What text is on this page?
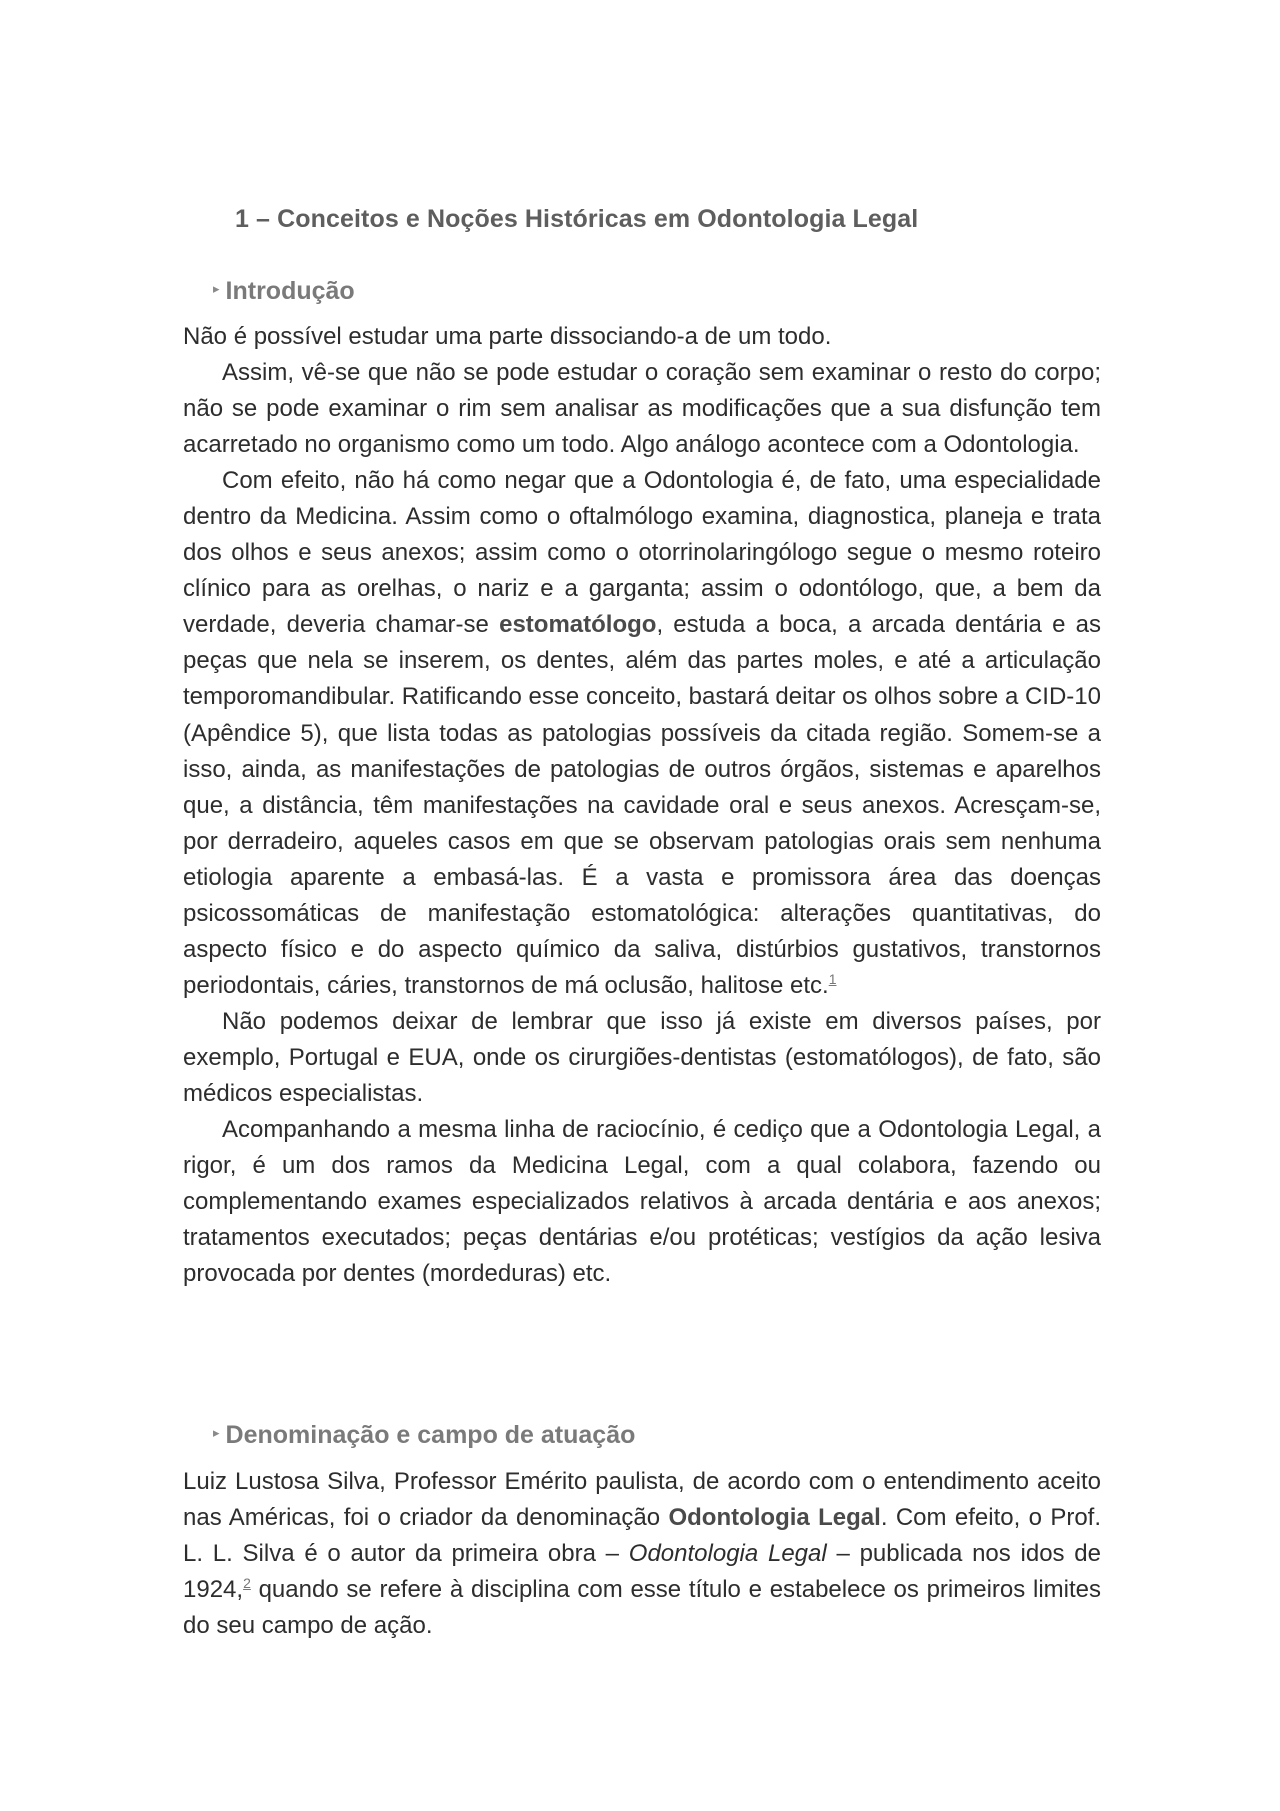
1 – Conceitos e Noções Históricas em Odontologia Legal
▸ Introdução

Não é possível estudar uma parte dissociando-a de um todo.

Assim, vê-se que não se pode estudar o coração sem examinar o resto do corpo; não se pode examinar o rim sem analisar as modificações que a sua disfunção tem acarretado no organismo como um todo. Algo análogo acontece com a Odontologia.

Com efeito, não há como negar que a Odontologia é, de fato, uma especialidade dentro da Medicina. Assim como o oftalmólogo examina, diagnostica, planeja e trata dos olhos e seus anexos; assim como o otorrinolaringólogo segue o mesmo roteiro clínico para as orelhas, o nariz e a garganta; assim o odontólogo, que, a bem da verdade, deveria chamar-se estomatólogo, estuda a boca, a arcada dentária e as peças que nela se inserem, os dentes, além das partes moles, e até a articulação temporomandibular. Ratificando esse conceito, bastará deitar os olhos sobre a CID-10 (Apêndice 5), que lista todas as patologias possíveis da citada região. Somem-se a isso, ainda, as manifestações de patologias de outros órgãos, sistemas e aparelhos que, a distância, têm manifestações na cavidade oral e seus anexos. Acresçam-se, por derradeiro, aqueles casos em que se observam patologias orais sem nenhuma etiologia aparente a embasá-las. É a vasta e promissora área das doenças psicossomáticas de manifestação estomatológica: alterações quantitativas, do aspecto físico e do aspecto químico da saliva, distúrbios gustativos, transtornos periodontais, cáries, transtornos de má oclusão, halitose etc.$^1$

Não podemos deixar de lembrar que isso já existe em diversos países, por exemplo, Portugal e EUA, onde os cirurgiões-dentistas (estomatólogos), de fato, são médicos especialistas.

Acompanhando a mesma linha de raciocínio, é cediço que a Odontologia Legal, a rigor, é um dos ramos da Medicina Legal, com a qual colabora, fazendo ou complementando exames especializados relativos à arcada dentária e aos anexos; tratamentos executados; peças dentárias e/ou protéticas; vestígios da ação lesiva provocada por dentes (mordeduras) etc.

▸ Denominação e campo de atuação

Luiz Lustosa Silva, Professor Emérito paulista, de acordo com o entendimento aceito nas Américas, foi o criador da denominação Odontologia Legal. Com efeito, o Prof. L. L. Silva é o autor da primeira obra – Odontologia Legal – publicada nos idos de 1924,$^2$ quando se refere à disciplina com esse título e estabelece os primeiros limites do seu campo de ação.
